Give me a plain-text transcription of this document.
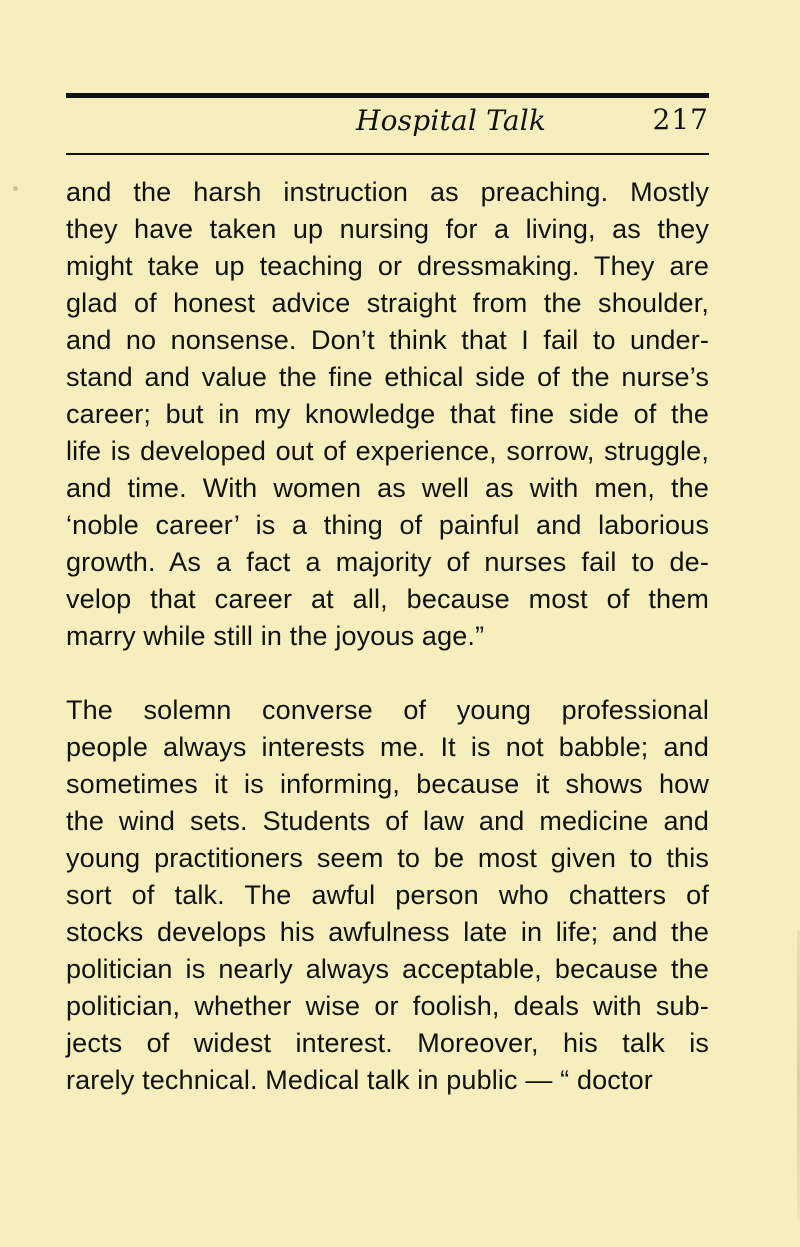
Hospital Talk	217
and the harsh instruction as preaching. Mostly
they have taken up nursing for a living, as they
might take up teaching or dressmaking. They are
glad of honest advice straight from the shoulder,
and no nonsense. Don’t think that I fail to under-
stand and value the fine ethical side of the nurse’s
career; but in my knowledge that fine side of the
life is developed out of experience, sorrow, struggle,
and time. With women as well as with men, the
‘noble career’ is a thing of painful and laborious
growth. As a fact a majority of nurses fail to de-
velop that career at all, because most of them
marry while still in the joyous age.”
The solemn converse of young professional
people always interests me. It is not babble; and
sometimes it is informing, because it shows how
the wind sets. Students of law and medicine and
young practitioners seem to be most given to this
sort of talk. The awful person who chatters of
stocks develops his awfulness late in life; and the
politician is nearly always acceptable, because the
politician, whether wise or foolish, deals with sub-
jects of widest interest. Moreover, his talk is
rarely technical. Medical talk in public — “ doctor
